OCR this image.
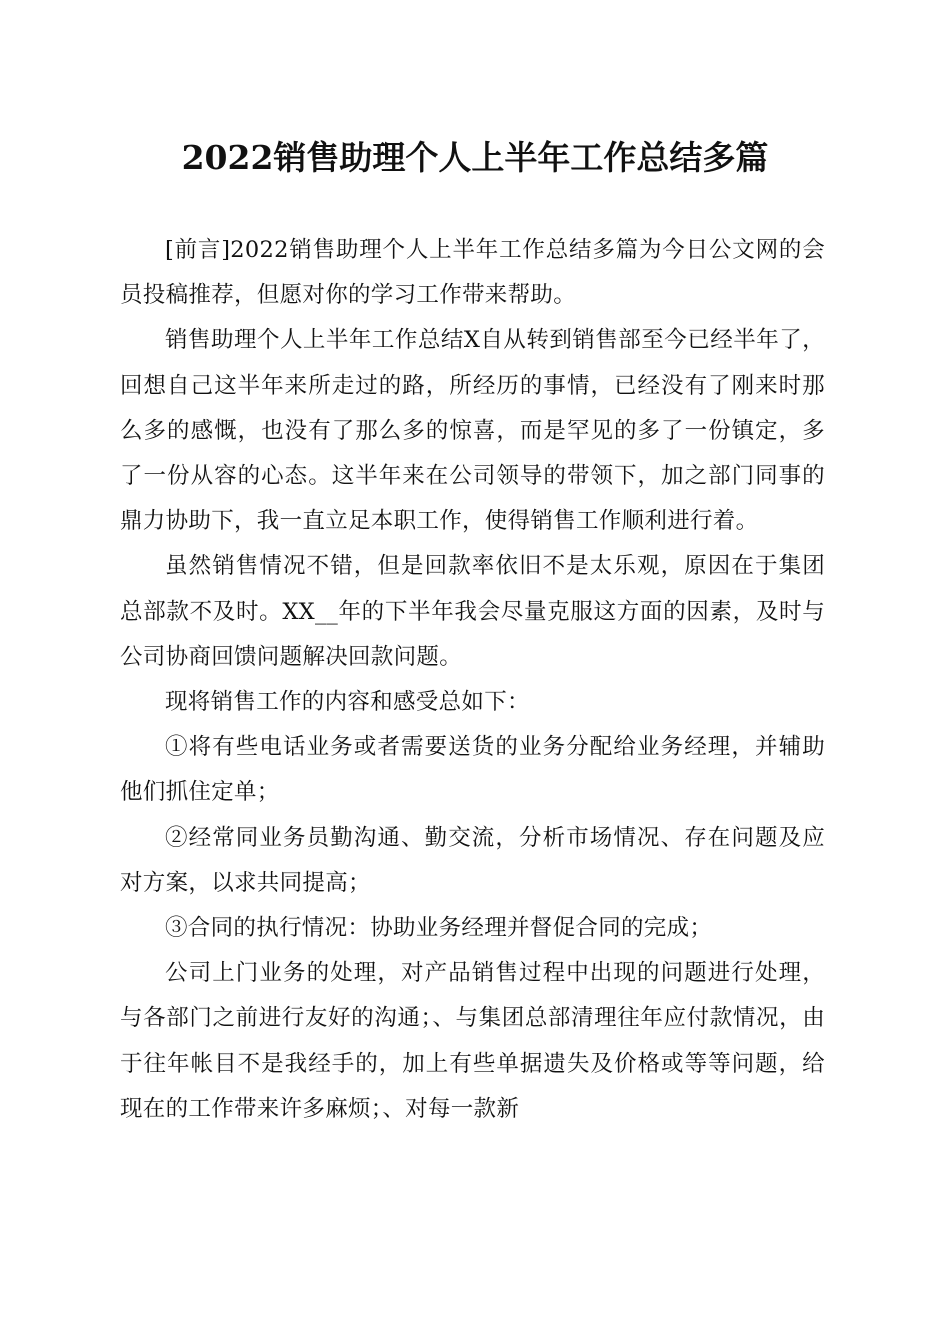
2022销售助理个人上半年工作总结多篇

[前言]2022销售助理个人上半年工作总结多篇为今日公文网的会员投稿推荐，但愿对你的学习工作带来帮助。

销售助理个人上半年工作总结X自从转到销售部至今已经半年了，回想自己这半年来所走过的路，所经历的事情，已经没有了刚来时那么多的感慨，也没有了那么多的惊喜，而是罕见的多了一份镇定，多了一份从容的心态。这半年来在公司领导的带领下，加之部门同事的鼎力协助下，我一直立足本职工作，使得销售工作顺利进行着。

虽然销售情况不错，但是回款率依旧不是太乐观，原因在于集团总部款不及时。XX__年的下半年我会尽量克服这方面的因素，及时与公司协商回馈问题解决回款问题。

现将销售工作的内容和感受总如下：

①将有些电话业务或者需要送货的业务分配给业务经理，并辅助他们抓住定单；

②经常同业务员勤沟通、勤交流，分析市场情况、存在问题及应对方案，以求共同提高；

③合同的执行情况：协助业务经理并督促合同的完成；

公司上门业务的处理，对产品销售过程中出现的问题进行处理，与各部门之前进行友好的沟通；、与集团总部清理往年应付款情况，由于往年帐目不是我经手的，加上有些单据遗失及价格或等等问题，给现在的工作带来许多麻烦；、对每一款新
